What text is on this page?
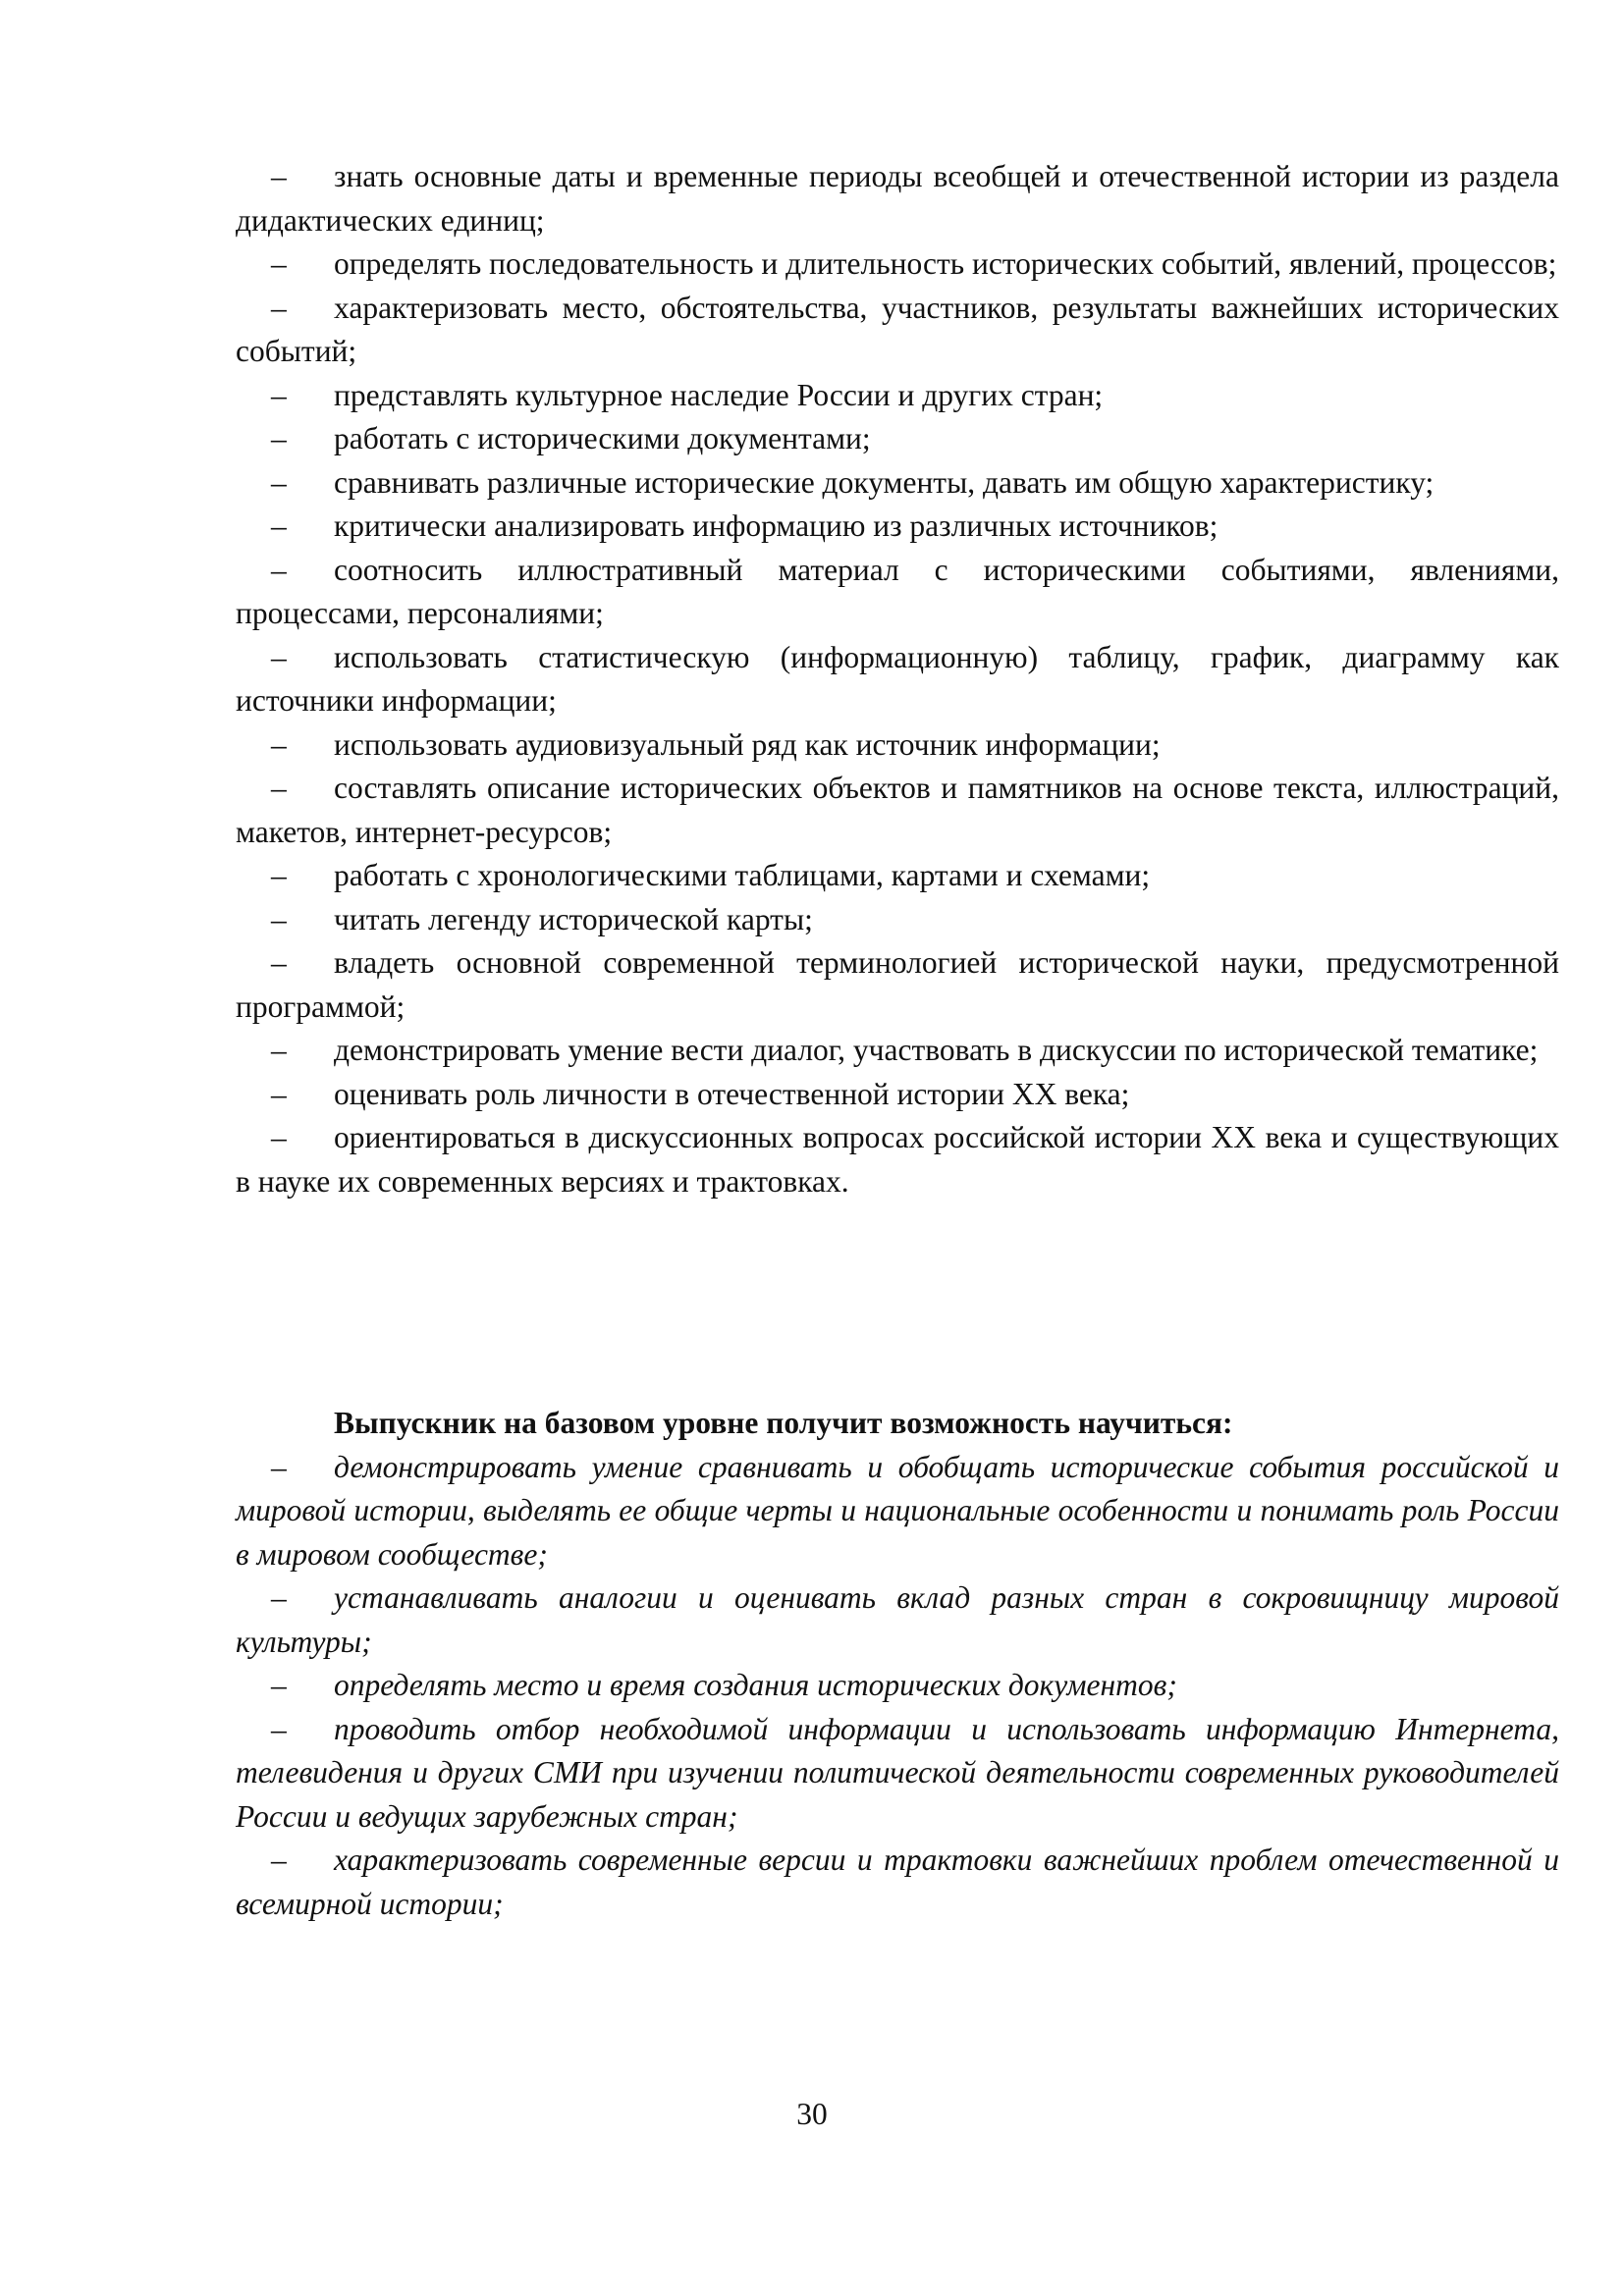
– знать основные даты и временные периоды всеобщей и отечественной истории из раздела дидактических единиц;

– определять последовательность и длительность исторических событий, явлений, процессов;

– характеризовать место, обстоятельства, участников, результаты важнейших исторических событий;

– представлять культурное наследие России и других стран;

– работать с историческими документами;

– сравнивать различные исторические документы, давать им общую характеристику;

– критически анализировать информацию из различных источников;

– соотносить иллюстративный материал с историческими событиями, явлениями, процессами, персоналиями;

– использовать статистическую (информационную) таблицу, график, диаграмму как источники информации;

– использовать аудиовизуальный ряд как источник информации;

– составлять описание исторических объектов и памятников на основе текста, иллюстраций, макетов, интернет-ресурсов;

– работать с хронологическими таблицами, картами и схемами;

– читать легенду исторической карты;

– владеть основной современной терминологией исторической науки, предусмотренной программой;

– демонстрировать умение вести диалог, участвовать в дискуссии по исторической тематике;

– оценивать роль личности в отечественной истории XX века;

– ориентироваться в дискуссионных вопросах российской истории XX века и существующих в науке их современных версиях и трактовках.

Выпускник на базовом уровне получит возможность научиться:

– демонстрировать умение сравнивать и обобщать исторические события российской и мировой истории, выделять ее общие черты и национальные особенности и понимать роль России в мировом сообществе;

– устанавливать аналогии и оценивать вклад разных стран в сокровищницу мировой культуры;

– определять место и время создания исторических документов;

– проводить отбор необходимой информации и использовать информацию Интернета, телевидения и других СМИ при изучении политической деятельности современных руководителей России и ведущих зарубежных стран;

– характеризовать современные версии и трактовки важнейших проблем отечественной и всемирной истории;

30
